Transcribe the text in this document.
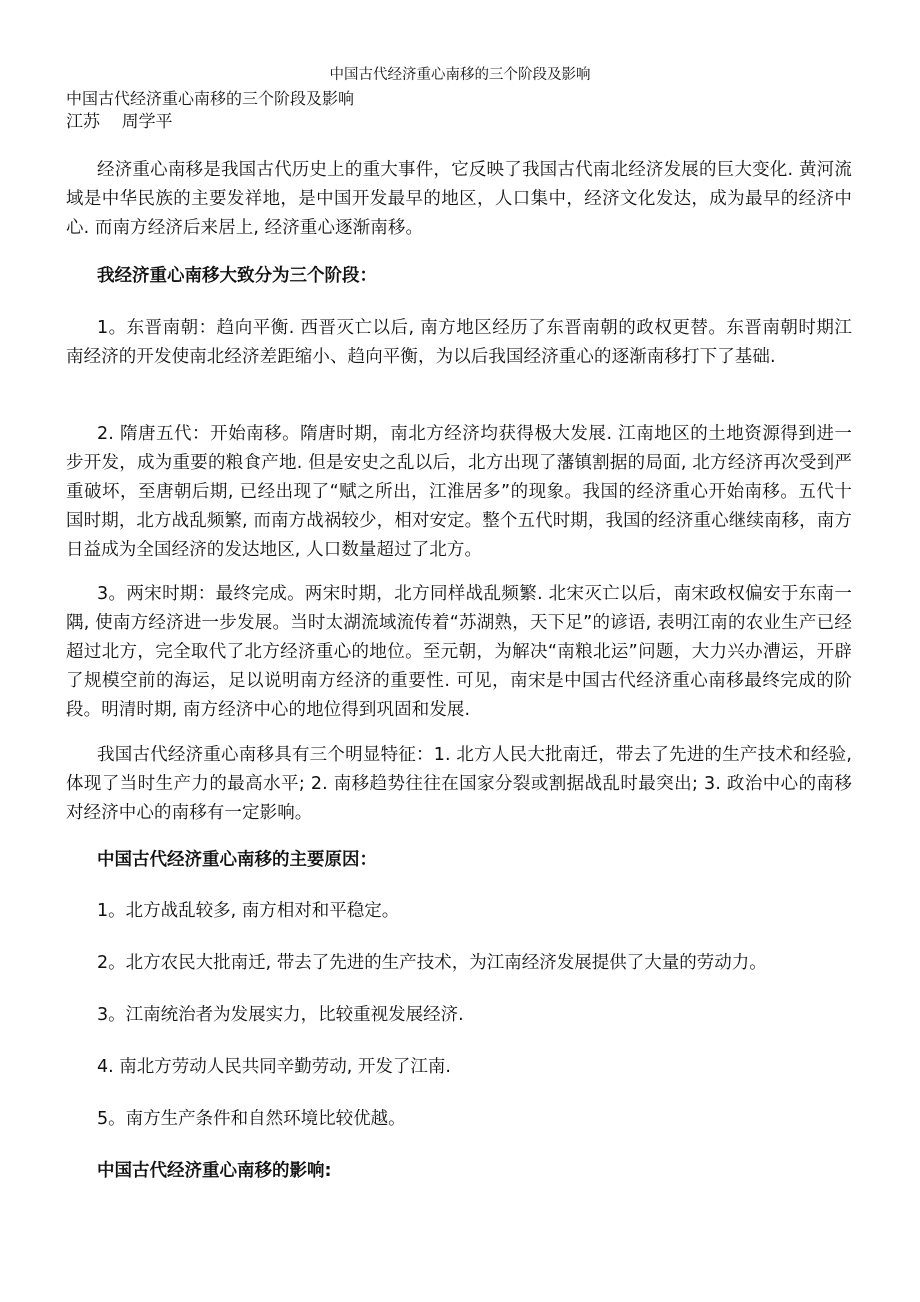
中国古代经济重心南移的三个阶段及影响
中国古代经济重心南移的三个阶段及影响
江苏    周学平
经济重心南移是我国古代历史上的重大事件，它反映了我国古代南北经济发展的巨大变化. 黄河流域是中华民族的主要发祥地，是中国开发最早的地区，人口集中，经济文化发达，成为最早的经济中心. 而南方经济后来居上, 经济重心逐渐南移。
我经济重心南移大致分为三个阶段：
1。东晋南朝：趋向平衡. 西晋灭亡以后, 南方地区经历了东晋南朝的政权更替。东晋南朝时期江南经济的开发使南北经济差距缩小、趋向平衡，为以后我国经济重心的逐渐南移打下了基础.
2. 隋唐五代：开始南移。隋唐时期，南北方经济均获得极大发展. 江南地区的土地资源得到进一步开发，成为重要的粮食产地. 但是安史之乱以后，北方出现了藩镇割据的局面, 北方经济再次受到严重破坏，至唐朝后期, 已经出现了“赋之所出，江淮居多”的现象。我国的经济重心开始南移。五代十国时期，北方战乱频繁, 而南方战祸较少，相对安定。整个五代时期，我国的经济重心继续南移，南方日益成为全国经济的发达地区, 人口数量超过了北方。
3。两宋时期：最终完成。两宋时期，北方同样战乱频繁. 北宋灭亡以后，南宋政权偏安于东南一隅, 使南方经济进一步发展。当时太湖流域流传着“苏湖熟，天下足”的谚语, 表明江南的农业生产已经超过北方，完全取代了北方经济重心的地位。至元朝，为解决“南粮北运”问题，大力兴办漕运，开辟了规模空前的海运，足以说明南方经济的重要性. 可见，南宋是中国古代经济重心南移最终完成的阶段。明清时期, 南方经济中心的地位得到巩固和发展.
我国古代经济重心南移具有三个明显特征：1. 北方人民大批南迁，带去了先进的生产技术和经验, 体现了当时生产力的最高水平; 2. 南移趋势往往在国家分裂或割据战乱时最突出; 3. 政治中心的南移对经济中心的南移有一定影响。
中国古代经济重心南移的主要原因：
1。北方战乱较多, 南方相对和平稳定。
2。北方农民大批南迁, 带去了先进的生产技术，为江南经济发展提供了大量的劳动力。
3。江南统治者为发展实力，比较重视发展经济.
4. 南北方劳动人民共同辛勤劳动, 开发了江南.
5。南方生产条件和自然环境比较优越。
中国古代经济重心南移的影响:
